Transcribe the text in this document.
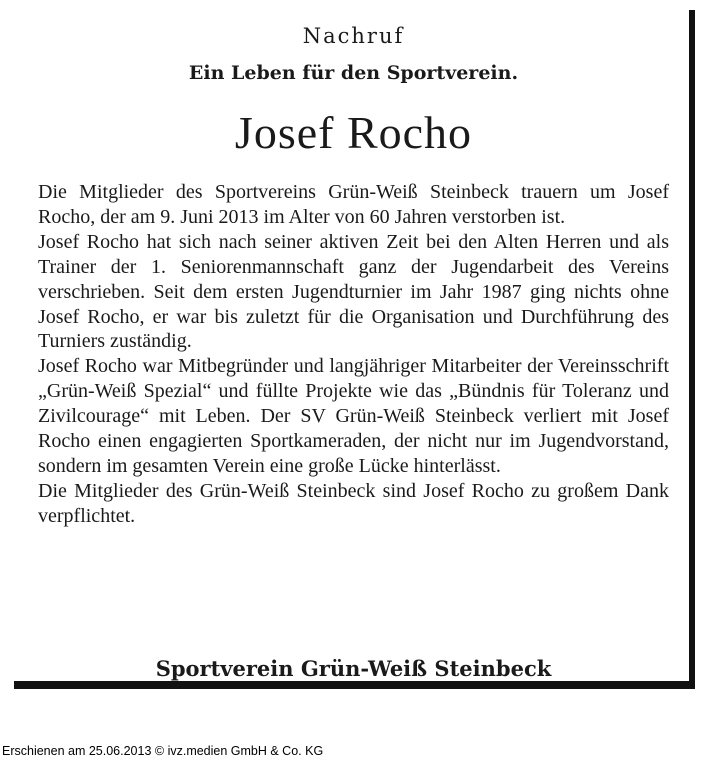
Nachruf
Ein Leben für den Sportverein.
Josef Rocho

Die Mitglieder des Sportvereins Grün-Weiß Steinbeck trauern um Josef Rocho, der am 9. Juni 2013 im Alter von 60 Jahren verstorben ist.

Josef Rocho hat sich nach seiner aktiven Zeit bei den Alten Herren und als Trainer der 1. Seniorenmannschaft ganz der Jugendarbeit des Vereins verschrieben. Seit dem ersten Jugendturnier im Jahr 1987 ging nichts ohne Josef Rocho, er war bis zuletzt für die Organisation und Durchführung des Turniers zuständig.

Josef Rocho war Mitbegründer und langjähriger Mitarbeiter der Vereinsschrift „Grün-Weiß Spezial“ und füllte Projekte wie das „Bündnis für Toleranz und Zivilcourage“ mit Leben. Der SV Grün-Weiß Steinbeck verliert mit Josef Rocho einen engagierten Sportkameraden, der nicht nur im Jugendvorstand, sondern im gesamten Verein eine große Lücke hinterlässt.

Die Mitglieder des Grün-Weiß Steinbeck sind Josef Rocho zu großem Dank verpflichtet.

Sportverein Grün-Weiß Steinbeck
Erschienen am 25.06.2013 © ivz.medien GmbH & Co. KG
